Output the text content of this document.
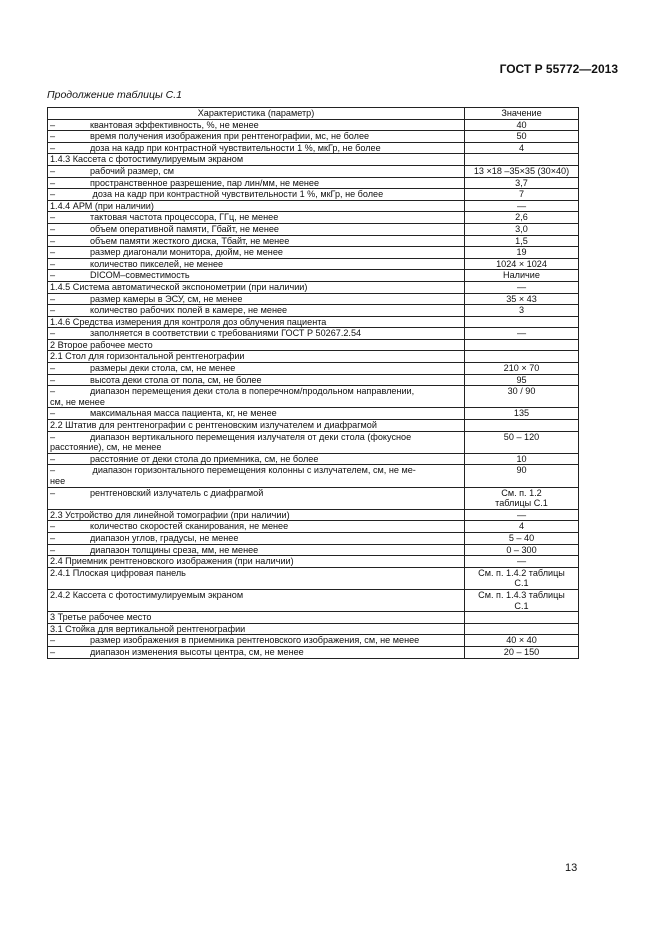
ГОСТ Р 55772—2013
Продолжение таблицы С.1
Характеристика (параметр)	Значение
– квантовая эффективность, %, не менее	40
– время получения изображения при рентгенографии, мс, не более	50
– доза на кадр при контрастной чувствительности 1 %, мкГр, не более	4
1.4.3 Кассета с фотостимулируемым экраном	
– рабочий размер, см	13 ×18 –35×35 (30×40)
– пространственное разрешение, пар лин/мм, не менее	3,7
– доза на кадр при контрастной чувствительности 1 %, мкГр, не более	7
1.4.4 АРМ (при наличии)	—
– тактовая частота процессора, ГГц, не менее	2,6
– объем оперативной памяти, Гбайт, не менее	3,0
– объем памяти жесткого диска, Тбайт, не менее	1,5
– размер диагонали монитора, дюйм, не менее	19
– количество пикселей, не менее	1024 × 1024
– DICOM–совместимость	Наличие
1.4.5 Система автоматической экспонометрии (при наличии)	—
– размер камеры в ЭСУ, см, не менее	35 × 43
– количество рабочих полей в камере, не менее	3
1.4.6 Средства измерения для контроля доз облучения пациента	
– заполняется в соответствии с требованиями ГОСТ Р 50267.2.54	—
2 Второе рабочее место	
2.1 Стол для горизонтальной рентгенографии	
– размеры деки стола, см, не менее	210 × 70
– высота деки стола от пола, см, не более	95
– диапазон перемещения деки стола в поперечном/продольном направлении,
см, не менее	30 / 90
– максимальная масса пациента, кг, не менее	135
2.2 Штатив для рентгенографии с рентгеновским излучателем и диафрагмой	
– диапазон вертикального перемещения излучателя от деки стола (фокусное
расстояние), см, не менее	50 – 120
– расстояние от деки стола до приемника, см, не более	10
– диапазон горизонтального перемещения колонны с излучателем, см, не ме-
нее	90
– рентгеновский излучатель с диафрагмой	См. п. 1.2
таблицы С.1
2.3 Устройство для линейной томографии (при наличии)	—
– количество скоростей сканирования, не менее	4
– диапазон углов, градусы, не менее	5 – 40
– диапазон толщины среза, мм, не менее	0 – 300
2.4 Приемник рентгеновского изображения (при наличии)	—
2.4.1 Плоская цифровая панель	См. п. 1.4.2 таблицы
С.1
2.4.2 Кассета с фотостимулируемым экраном	См. п. 1.4.3 таблицы
С.1
3 Третье рабочее место	
3.1 Стойка для вертикальной рентгенографии	
– размер изображения в приемника рентгеновского изображения, см, не менее	40 × 40
– диапазон изменения высоты центра, см, не менее	20 – 150
13
